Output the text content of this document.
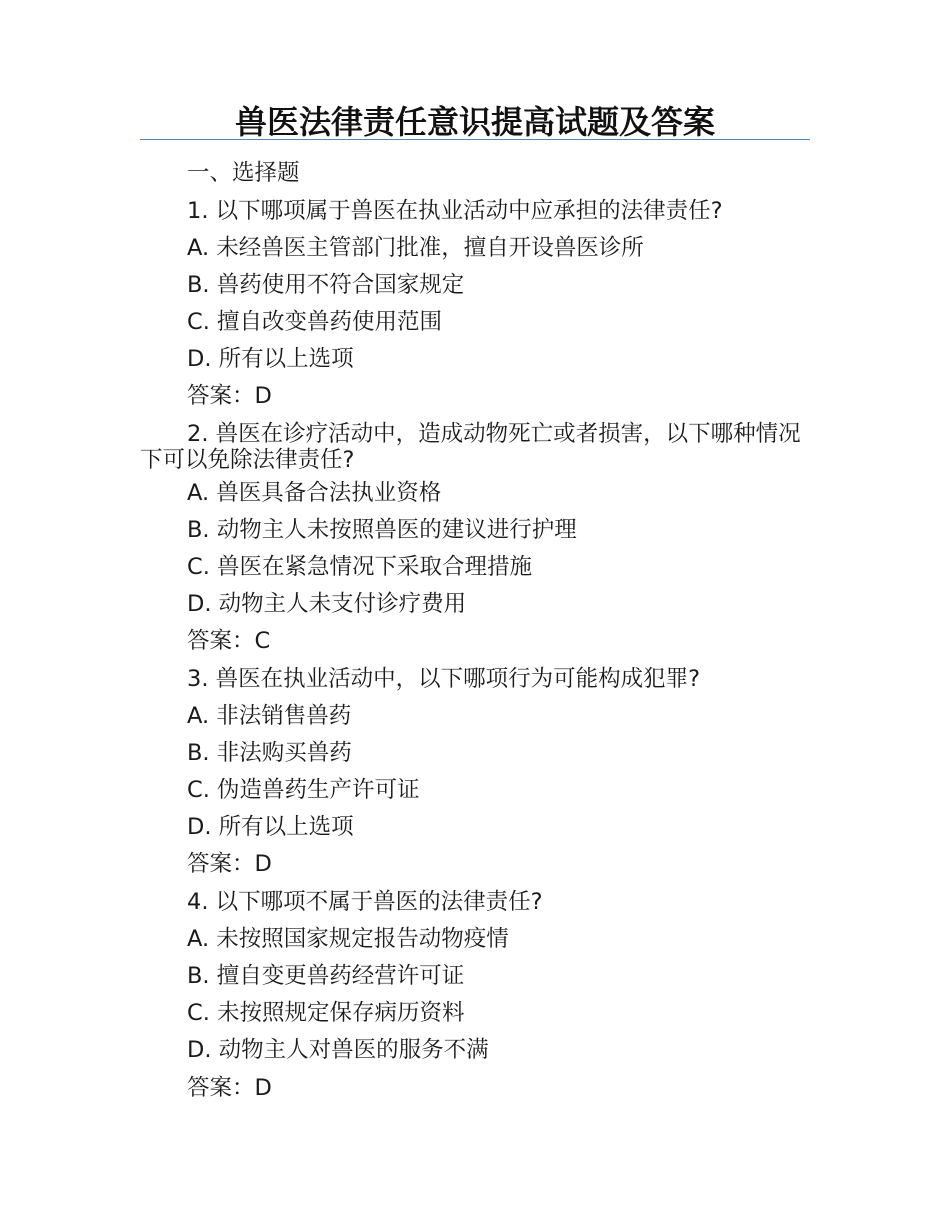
兽医法律责任意识提高试题及答案
一、选择题
1. 以下哪项属于兽医在执业活动中应承担的法律责任?
A. 未经兽医主管部门批准，擅自开设兽医诊所
B. 兽药使用不符合国家规定
C. 擅自改变兽药使用范围
D. 所有以上选项
答案：D
2. 兽医在诊疗活动中，造成动物死亡或者损害，以下哪种情况下可以免除法律责任?
A. 兽医具备合法执业资格
B. 动物主人未按照兽医的建议进行护理
C. 兽医在紧急情况下采取合理措施
D. 动物主人未支付诊疗费用
答案：C
3. 兽医在执业活动中，以下哪项行为可能构成犯罪?
A. 非法销售兽药
B. 非法购买兽药
C. 伪造兽药生产许可证
D. 所有以上选项
答案：D
4. 以下哪项不属于兽医的法律责任?
A. 未按照国家规定报告动物疫情
B. 擅自变更兽药经营许可证
C. 未按照规定保存病历资料
D. 动物主人对兽医的服务不满
答案：D
